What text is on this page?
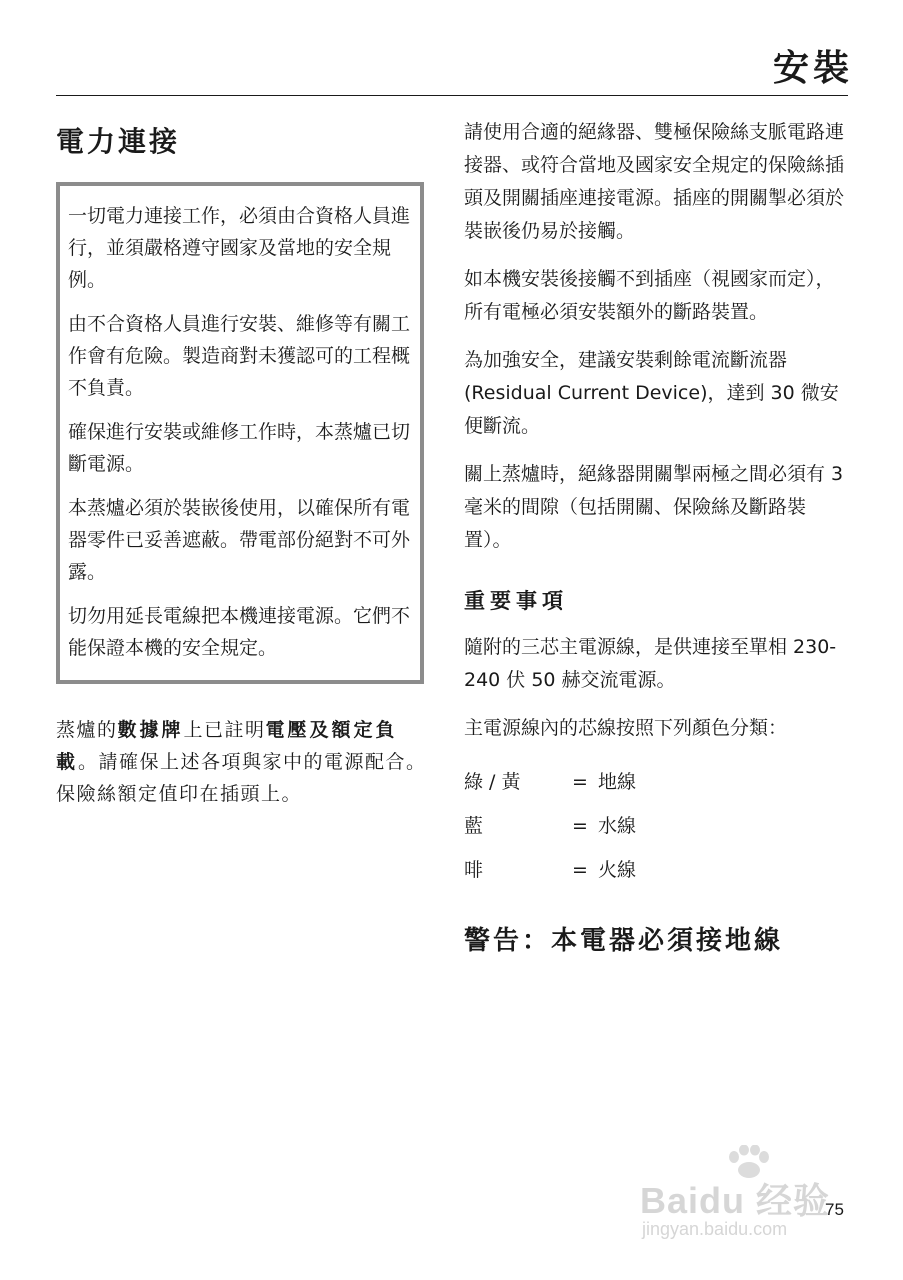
安裝
電力連接

一切電力連接工作，必須由合資格人員進行，並須嚴格遵守國家及當地的安全規例。

由不合資格人員進行安裝、維修等有關工作會有危險。製造商對未獲認可的工程概不負責。

確保進行安裝或維修工作時，本蒸爐已切斷電源。

本蒸爐必須於裝嵌後使用，以確保所有電器零件已妥善遮蔽。帶電部份絕對不可外露。

切勿用延長電線把本機連接電源。它們不能保證本機的安全規定。

蒸爐的數據牌上已註明電壓及額定負載。請確保上述各項與家中的電源配合。保險絲額定值印在插頭上。

請使用合適的絕緣器、雙極保險絲支脈電路連接器、或符合當地及國家安全規定的保險絲插頭及開關插座連接電源。插座的開關掣必須於裝嵌後仍易於接觸。

如本機安裝後接觸不到插座（視國家而定），所有電極必須安裝額外的斷路裝置。

為加強安全，建議安裝剩餘電流斷流器 (Residual Current Device)，達到 30 微安便斷流。

關上蒸爐時，絕緣器開關掣兩極之間必須有 3 毫米的間隙（包括開關、保險絲及斷路裝置）。

重要事項

隨附的三芯主電源線，是供連接至單相 230-240 伏 50 赫交流電源。

主電源線內的芯線按照下列顏色分類：

綠 / 黃	= 地線
藍	= 水線
啡	= 火線
警告：本電器必須接地線
Baidu 经验
jingyan.baidu.com
75
